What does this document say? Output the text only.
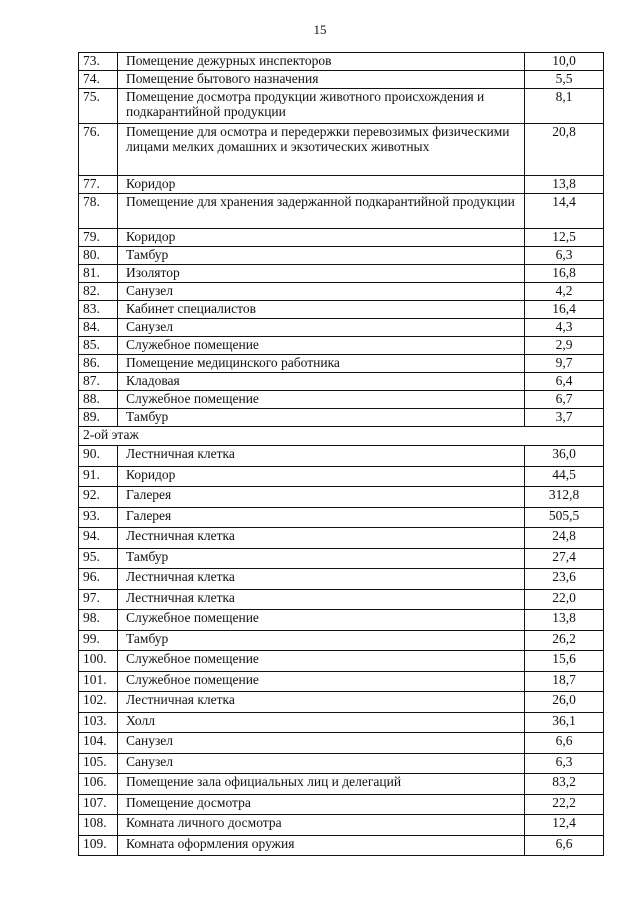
15
73.	Помещение дежурных инспекторов	10,0
74.	Помещение бытового назначения	5,5
75.	Помещение досмотра продукции животного происхождения и подкарантийной продукции	8,1
76.	Помещение для осмотра и передержки перевозимых физическими лицами мелких домашних и экзотических животных	20,8
77.	Коридор	13,8
78.	Помещение для хранения задержанной подкарантийной продукции	14,4
79.	Коридор	12,5
80.	Тамбур	6,3
81.	Изолятор	16,8
82.	Санузел	4,2
83.	Кабинет специалистов	16,4
84.	Санузел	4,3
85.	Служебное помещение	2,9
86.	Помещение медицинского работника	9,7
87.	Кладовая	6,4
88.	Служебное помещение	6,7
89.	Тамбур	3,7
2-ой этаж		
90.	Лестничная клетка	36,0
91.	Коридор	44,5
92.	Галерея	312,8
93.	Галерея	505,5
94.	Лестничная клетка	24,8
95.	Тамбур	27,4
96.	Лестничная клетка	23,6
97.	Лестничная клетка	22,0
98.	Служебное помещение	13,8
99.	Тамбур	26,2
100.	Служебное помещение	15,6
101.	Служебное помещение	18,7
102.	Лестничная клетка	26,0
103.	Холл	36,1
104.	Санузел	6,6
105.	Санузел	6,3
106.	Помещение зала официальных лиц и делегаций	83,2
107.	Помещение досмотра	22,2
108.	Комната личного досмотра	12,4
109.	Комната оформления оружия	6,6
